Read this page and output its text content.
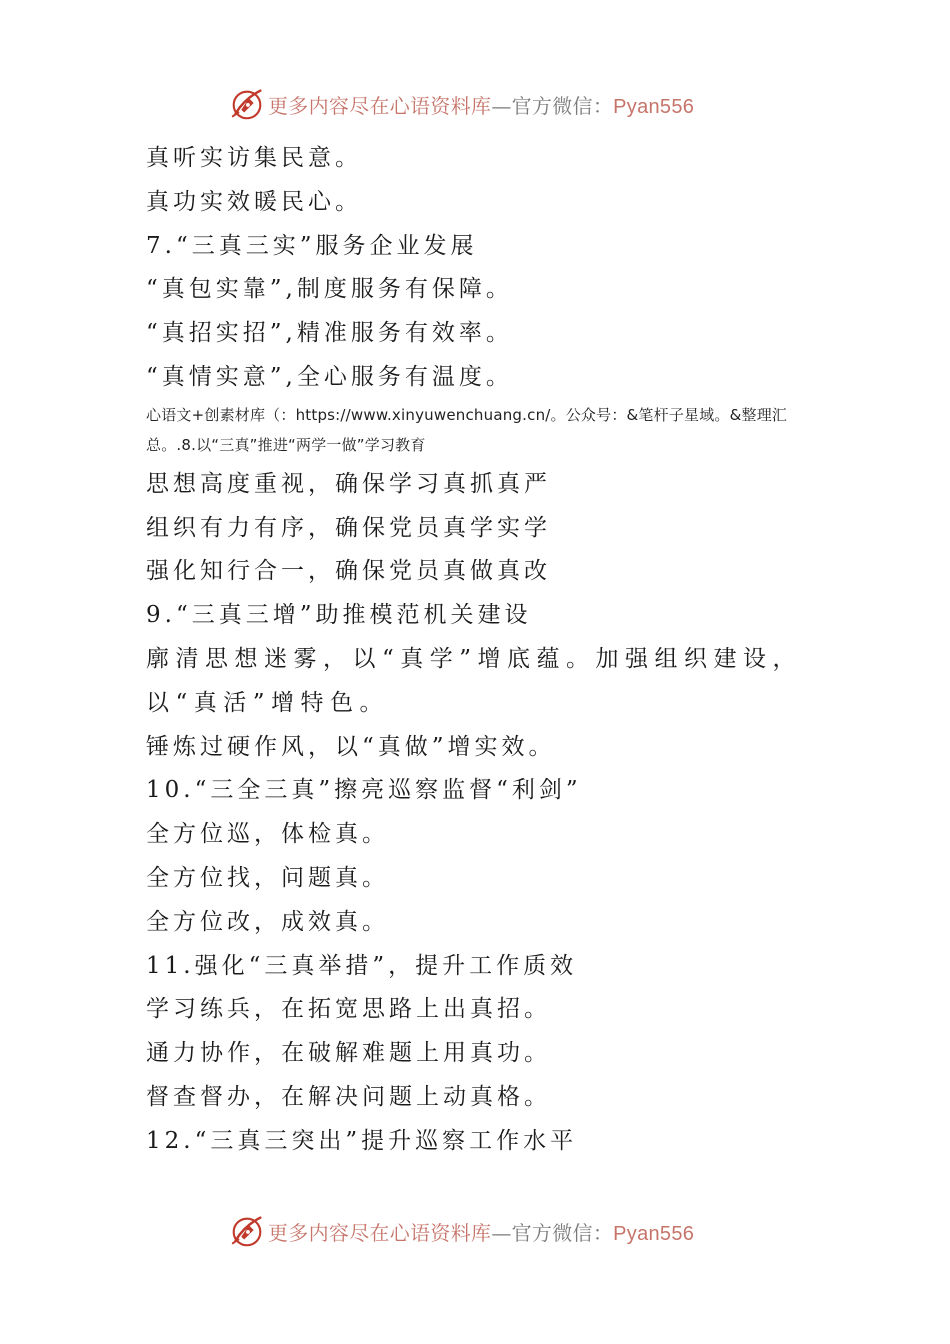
更多内容尽在心语资料库—官方微信：Pyan556
真听实访集民意。
真功实效暖民心。
7.“三真三实”服务企业发展
“真包实靠”,制度服务有保障。
“真招实招”,精准服务有效率。
“真情实意”,全心服务有温度。
心语文+创素材库（：https://www.xinyuwenchuang.cn/。公众号：&笔杆子星域。&整理汇总。.8.以“三真”推进“两学一做”学习教育
思想高度重视，确保学习真抓真严
组织有力有序，确保党员真学实学
强化知行合一，确保党员真做真改
9.“三真三增”助推模范机关建设
廓清思想迷雾，以“真学”增底蕴。加强组织建设，以“真活”增特色。
锤炼过硬作风，以“真做”增实效。
10.“三全三真”擦亮巡察监督“利剑”
全方位巡，体检真。
全方位找，问题真。
全方位改，成效真。
11.强化“三真举措”，提升工作质效
学习练兵，在拓宽思路上出真招。
通力协作，在破解难题上用真功。
督查督办，在解决问题上动真格。
12.“三真三突出”提升巡察工作水平
更多内容尽在心语资料库—官方微信：Pyan556
